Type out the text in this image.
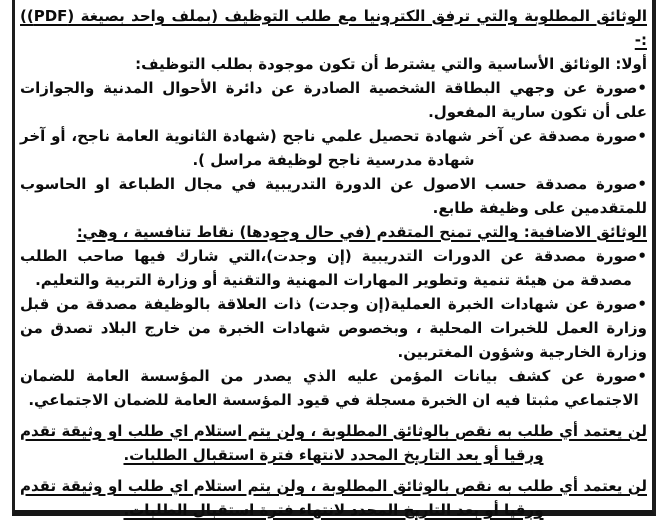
الوثائق المطلوبة والتي ترفق الكترونيا مع طلب التوظيف (بملف واحد بصيغة (PDF)) :-

أولا: الوثائق الأساسية والتي يشترط أن تكون موجودة بطلب التوظيف:

•صورة عن وجهي البطاقة الشخصية الصادرة عن دائرة الأحوال المدنية والجوازات على أن تكون سارية المفعول.

•صورة مصدقة عن آخر شهادة تحصيل علمي ناجح (شهادة الثانوية العامة ناجح، أو آخر شهادة مدرسية ناجح لوظيفة مراسل ).

•صورة مصدقة حسب الاصول عن الدورة التدريبية في مجال الطباعة او الحاسوب للمتقدمين على وظيفة طابع.

الوثائق الاضافية: والتي تمنح المتقدم (في حال وجودها) نقاط تنافسية ، وهي:

•صورة مصدقة عن الدورات التدريبية (إن وجدت)،التي شارك فيها صاحب الطلب مصدقة من هيئة تنمية وتطوير المهارات المهنية والتقنية أو وزارة التربية والتعليم.

•صورة عن شهادات الخبرة العملية(إن وجدت) ذات العلاقة بالوظيفة مصدقة من قبل وزارة العمل للخبرات المحلية ، وبخصوص شهادات الخبرة من خارج البلاد تصدق من وزارة الخارجية وشؤون المغتربين.

•صورة عن كشف بيانات المؤمن عليه الذي يصدر من المؤسسة العامة للضمان الاجتماعي مثبتا فيه ان الخبرة مسجلة في قيود المؤسسة العامة للضمان الاجتماعي.

لن يعتمد أي طلب به نقص بالوثائق المطلوبة ، ولن يتم استلام اي طلب او وثيقة تقدم ورقيا أو بعد التاريخ المحدد لانتهاء فترة استقبال الطلبات.

لن يعتمد أي طلب به نقص بالوثائق المطلوبة ، ولن يتم استلام اي طلب او وثيقة تقدم ورقيا أو بعد التاريخ المحدد لانتهاء فترة استقبال الطلبات.
